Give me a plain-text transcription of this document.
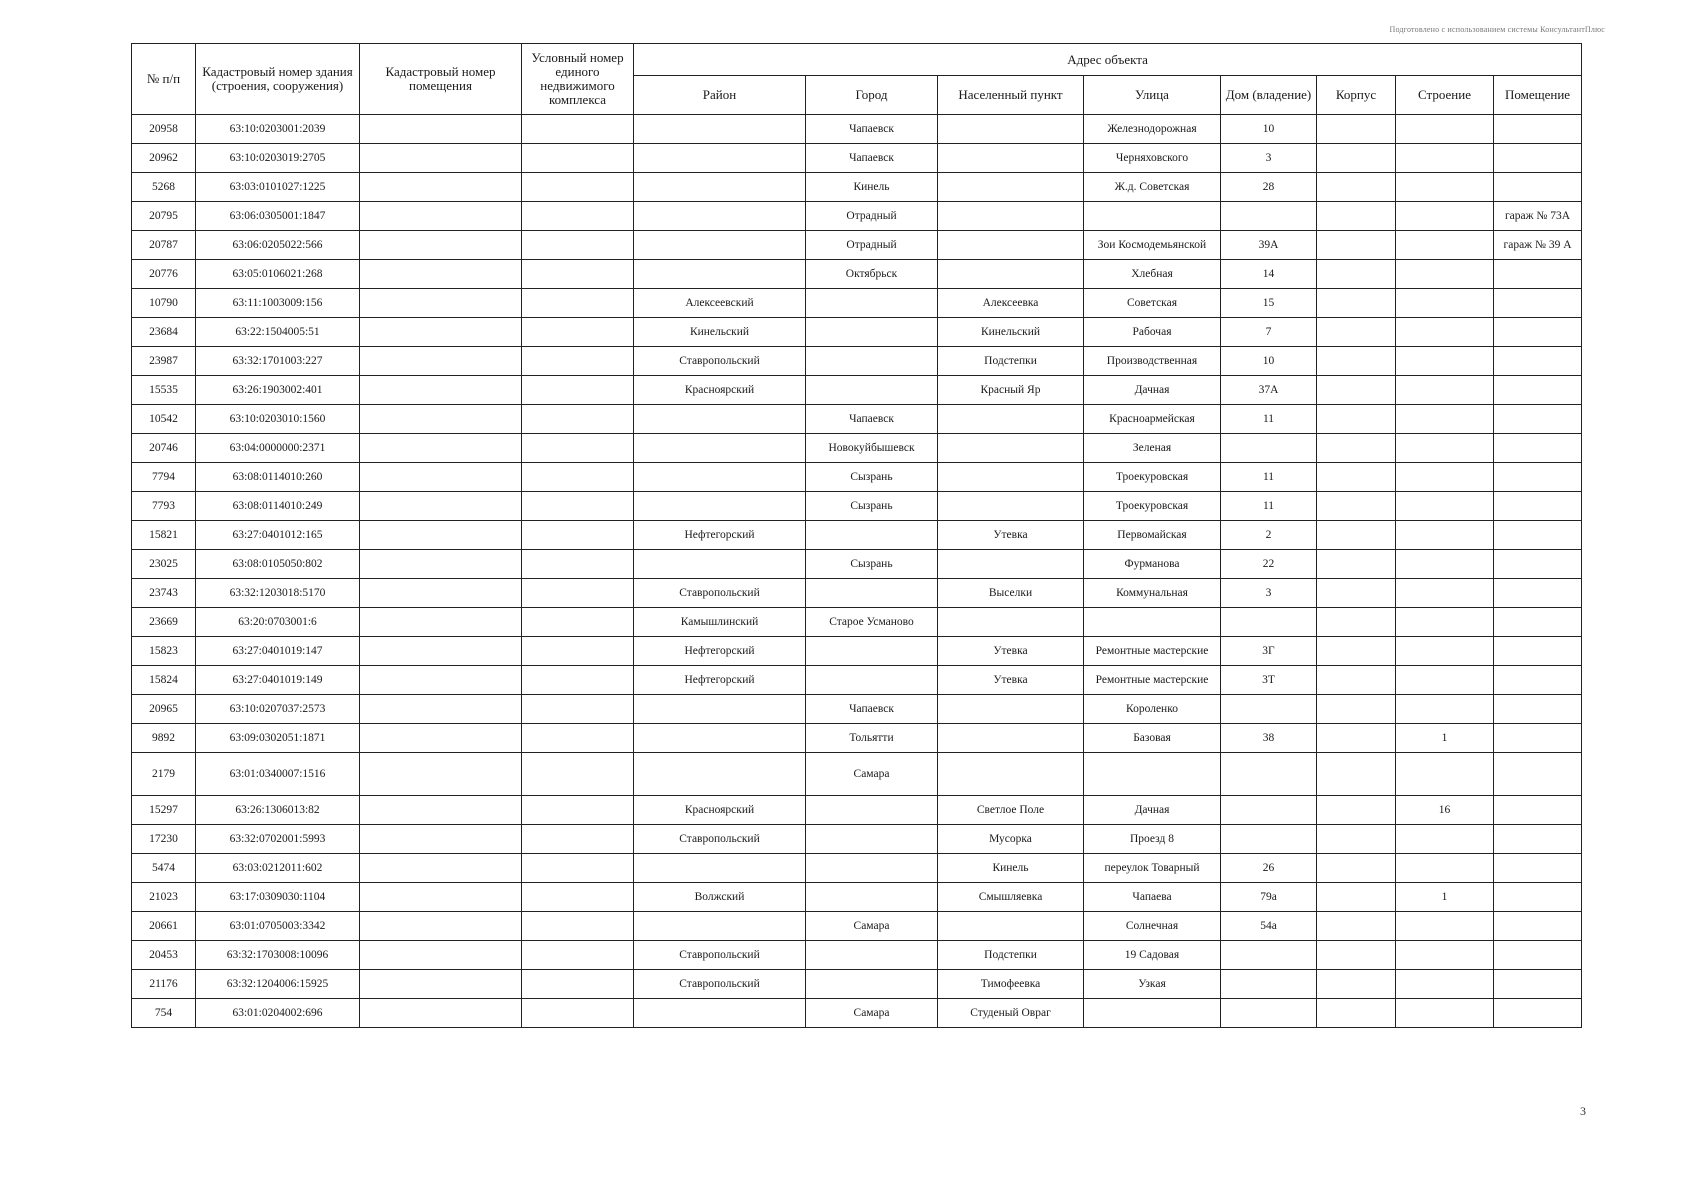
Подготовлено с использованием системы КонсультантПлюс
№ п/п	Кадастровый номер здания (строения, сооружения)	Кадастровый номер помещения	Условный номер единого недвижимого комплекса	Адрес объекта							
				Район	Город	Населенный пункт	Улица	Дом (владение)	Корпус	Строение	Помещение
20958	63:10:0203001:2039				Чапаевск		Железнодорожная	10			
20962	63:10:0203019:2705				Чапаевск		Черняховского	3			
5268	63:03:0101027:1225				Кинель		Ж.д. Советская	28			
20795	63:06:0305001:1847				Отрадный						гараж № 73А
20787	63:06:0205022:566				Отрадный		Зои Космодемьянской	39А			гараж № 39 А
20776	63:05:0106021:268				Октябрьск		Хлебная	14			
10790	63:11:1003009:156			Алексеевский		Алексеевка	Советская	15			
23684	63:22:1504005:51			Кинельский		Кинельский	Рабочая	7			
23987	63:32:1701003:227			Ставропольский		Подстепки	Производственная	10			
15535	63:26:1903002:401			Красноярский		Красный Яр	Дачная	37А			
10542	63:10:0203010:1560				Чапаевск		Красноармейская	11			
20746	63:04:0000000:2371				Новокуйбышевск		Зеленая				
7794	63:08:0114010:260				Сызрань		Троекуровская	11			
7793	63:08:0114010:249				Сызрань		Троекуровская	11			
15821	63:27:0401012:165			Нефтегорский		Утевка	Первомайская	2			
23025	63:08:0105050:802				Сызрань		Фурманова	22			
23743	63:32:1203018:5170			Ставропольский		Выселки	Коммунальная	3			
23669	63:20:0703001:6			Камышлинский	Старое Усманово						
15823	63:27:0401019:147			Нефтегорский		Утевка	Ремонтные мастерские	3Г			
15824	63:27:0401019:149			Нефтегорский		Утевка	Ремонтные мастерские	3Т			
20965	63:10:0207037:2573				Чапаевск		Короленко				
9892	63:09:0302051:1871				Тольятти		Базовая	38		1	
2179	63:01:0340007:1516				Самара						
15297	63:26:1306013:82			Красноярский		Светлое Поле	Дачная			16	
17230	63:32:0702001:5993			Ставропольский		Мусорка	Проезд 8				
5474	63:03:0212011:602					Кинель	переулок Товарный	26			
21023	63:17:0309030:1104			Волжский		Смышляевка	Чапаева	79а		1	
20661	63:01:0705003:3342				Самара		Солнечная	54а			
20453	63:32:1703008:10096			Ставропольский		Подстепки	19 Садовая				
21176	63:32:1204006:15925			Ставропольский		Тимофеевка	Узкая				
754	63:01:0204002:696				Самара	Студеный Овраг					
3
